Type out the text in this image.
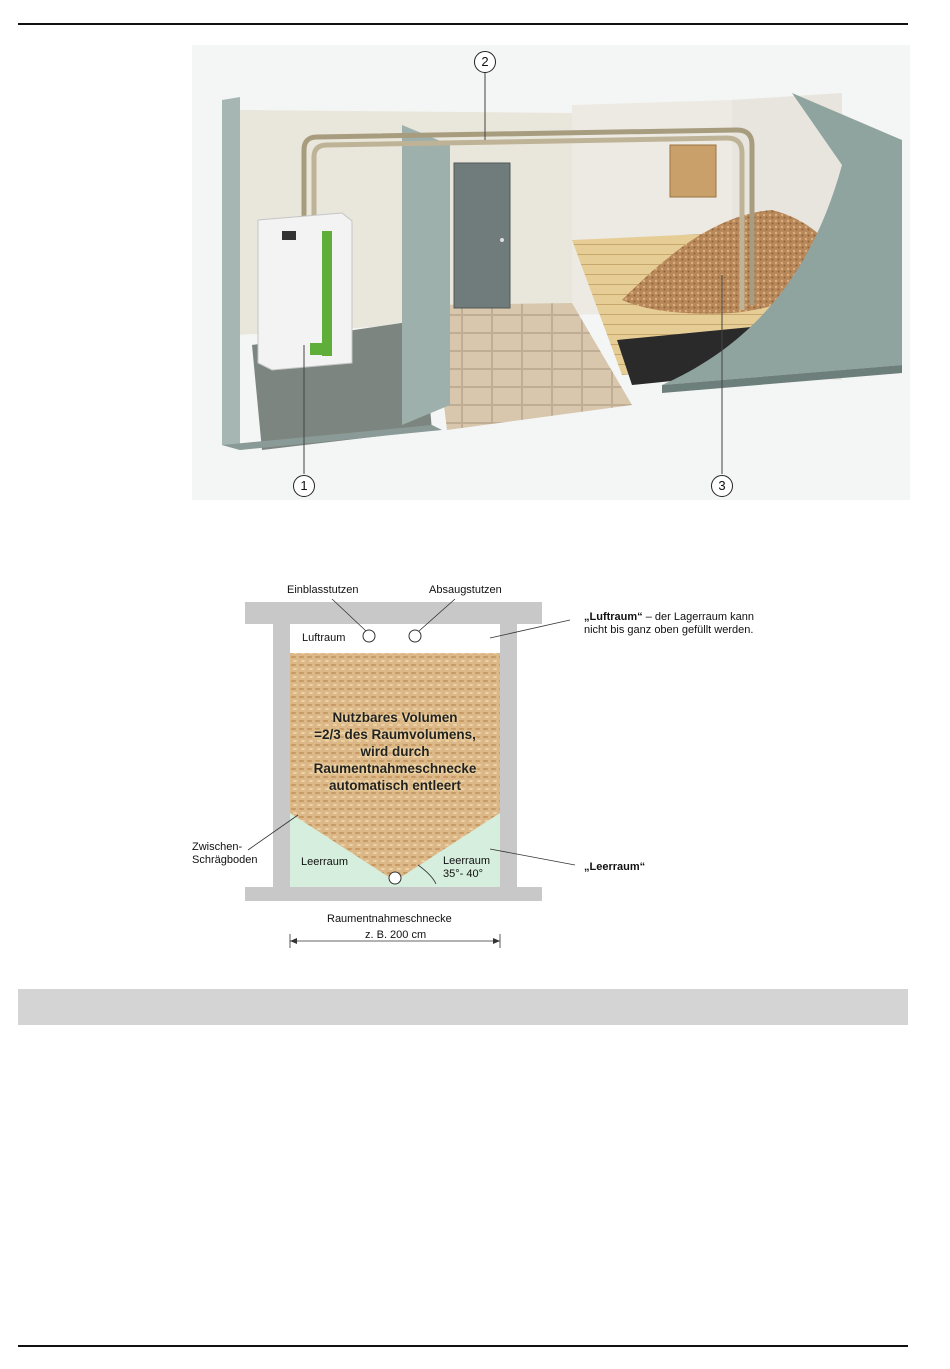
1
2
3
Einblasstutzen	Absaugstutzen
Luftraum
„Luftraum“ – der Lagerraum kann
nicht bis ganz oben gefüllt werden.
Nutzbares Volumen
=2/3 des Raumvolumens,
wird durch
Raumentnahmeschnecke
automatisch entleert
Zwischen-
Schrägboden	Leerraum	Leerraum
35°- 40°
„Leerraum“
Raumentnahmeschnecke
z. B. 200 cm
